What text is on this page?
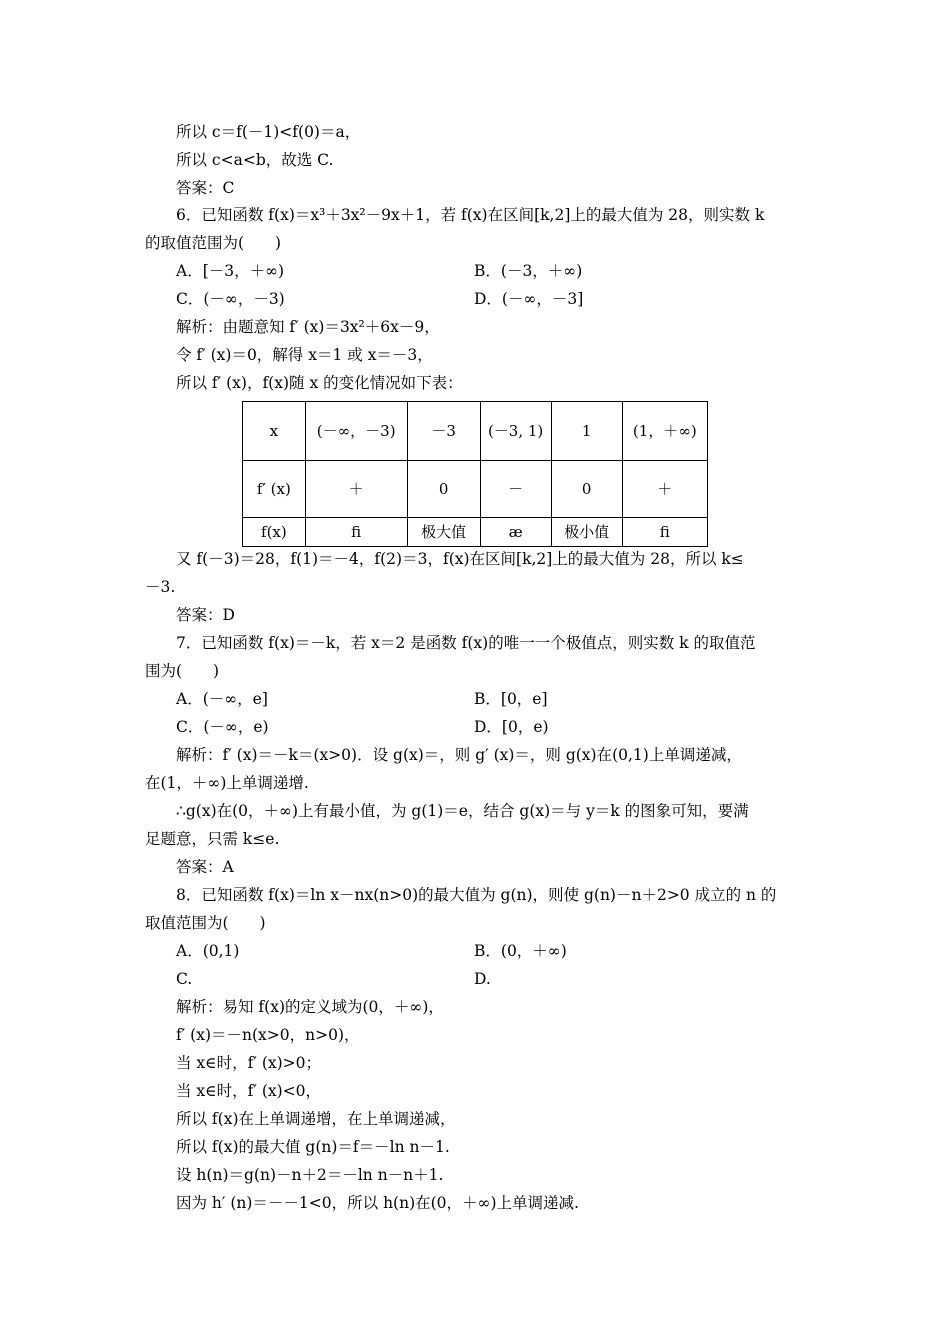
所以 c＝f(－1)<f(0)＝a，
所以 c<a<b，故选 C.
答案：C
6．已知函数 f(x)＝x³＋3x²－9x＋1，若 f(x)在区间[k,2]上的最大值为 28，则实数 k
的取值范围为(　　)
A．[－3，＋∞)	B．(－3，＋∞)
C．(－∞，－3)	D．(－∞，－3]
解析：由题意知 f′ (x)＝3x²＋6x－9，
令 f′ (x)＝0，解得 x＝1 或 x＝－3，
所以 f′ (x)，f(x)随 x 的变化情况如下表：
x	(－∞，－3)	－3	(－3, 1)	1	(1，＋∞)
f′ (x)	＋	0	－	0	＋
f(x)	ﬁ	极大值	æ	极小值	ﬁ
又 f(－3)＝28，f(1)＝－4，f(2)＝3，f(x)在区间[k,2]上的最大值为 28，所以 k≤
－3.
答案：D
7．已知函数 f(x)＝－k，若 x＝2 是函数 f(x)的唯一一个极值点，则实数 k 的取值范
围为(　　)
A．(－∞，e]	B．[0，e]
C．(－∞，e)	D．[0，e)
解析：f′ (x)＝－k＝(x>0)．设 g(x)＝，则 g′ (x)＝，则 g(x)在(0,1)上单调递减，
在(1，＋∞)上单调递增.
∴g(x)在(0，＋∞)上有最小值，为 g(1)＝e，结合 g(x)＝与 y＝k 的图象可知，要满
足题意，只需 k≤e.
答案：A
8．已知函数 f(x)＝ln x－nx(n>0)的最大值为 g(n)，则使 g(n)－n＋2>0 成立的 n 的
取值范围为(　　)
A．(0,1)	B．(0，＋∞)
C.	D.
解析：易知 f(x)的定义域为(0，＋∞)，
f′ (x)＝－n(x>0，n>0)，
当 x∈时，f′ (x)>0；
当 x∈时，f′ (x)<0，
所以 f(x)在上单调递增，在上单调递减，
所以 f(x)的最大值 g(n)＝f＝－ln n－1.
设 h(n)＝g(n)－n＋2＝－ln n－n＋1.
因为 h′ (n)＝－－1<0，所以 h(n)在(0，＋∞)上单调递减.
